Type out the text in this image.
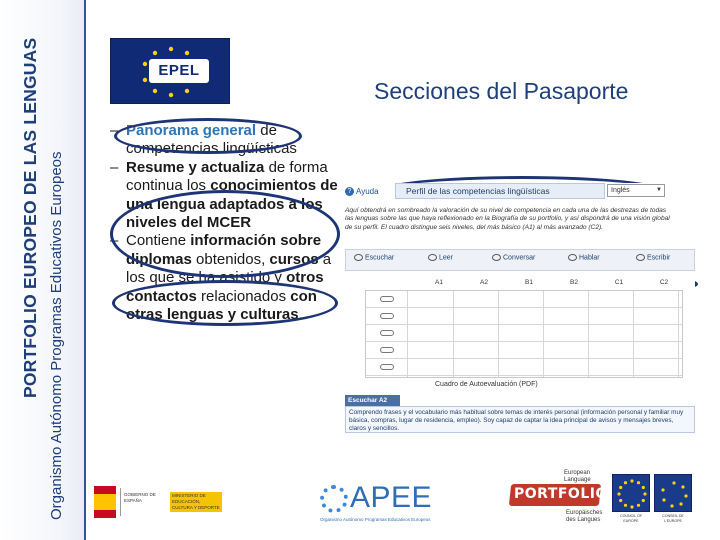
PORTFOLIO EUROPEO DE LAS LENGUAS Organismo Autónomo Programas Educativos Europeos
EPEL
Secciones del Pasaporte
– Panorama general de competencias lingüísticas
– Resume y actualiza de forma continua los conocimientos de una lengua adaptados a los niveles del MCER
– Contiene información sobre diplomas obtenidos, cursos a los que se ha asistido y otros contactos relacionados con otras lenguas y culturas.
? Ayuda	Perfil de las competencias lingüísticas	Inglés	▼
Aquí obtendrá en sombreado la valoración de su nivel de competencia en cada una de las destrezas de todas las lenguas sobre las que haya reflexionado en la Biografía de su portfolio, y así dispondrá de una visión global de su perfil. El cuadro distingue seis niveles, del más básico (A1) al más avanzado (C2).
Escuchar	Leer	Conversar	Hablar	Escribir
A1	A2	B1	B2	C1	C2
Cuadro de Autoevaluación (PDF)
Escuchar A2
Comprendo frases y el vocabulario más habitual sobre temas de interés personal (información personal y familiar muy básica, compras, lugar de residencia, empleo). Soy capaz de captar la idea principal de avisos y mensajes breves, claros y sencillos.
GOBIERNO DE ESPAÑA
MINISTERIO DE EDUCACIÓN, CULTURA Y DEPORTE	APEE
Organismo Autónomo Programas Educativos Europeos
European Language
PORTFOLIO
Europäisches des Langues
COUNCIL OF EUROPE
CONSEIL DE L'EUROPE
